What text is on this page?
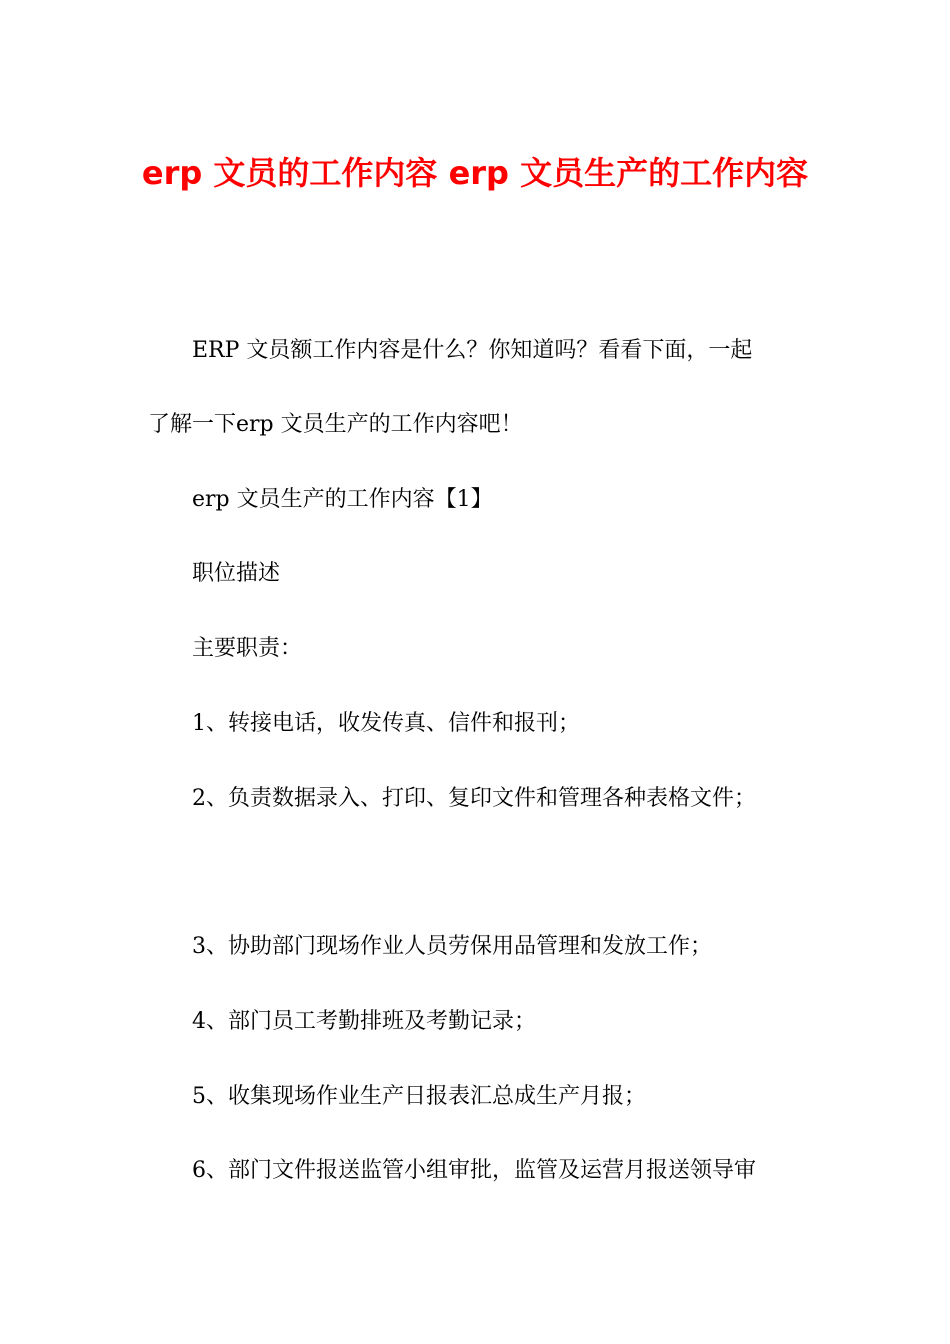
erp 文员的工作内容 erp 文员生产的工作内容

ERP 文员额工作内容是什么？你知道吗？看看下面，一起

了解一下erp 文员生产的工作内容吧！

erp 文员生产的工作内容【1】

职位描述

主要职责：

1、转接电话，收发传真、信件和报刊；

2、负责数据录入、打印、复印文件和管理各种表格文件；

3、协助部门现场作业人员劳保用品管理和发放工作；

4、部门员工考勤排班及考勤记录；

5、收集现场作业生产日报表汇总成生产月报；

6、部门文件报送监管小组审批，监管及运营月报送领导审
